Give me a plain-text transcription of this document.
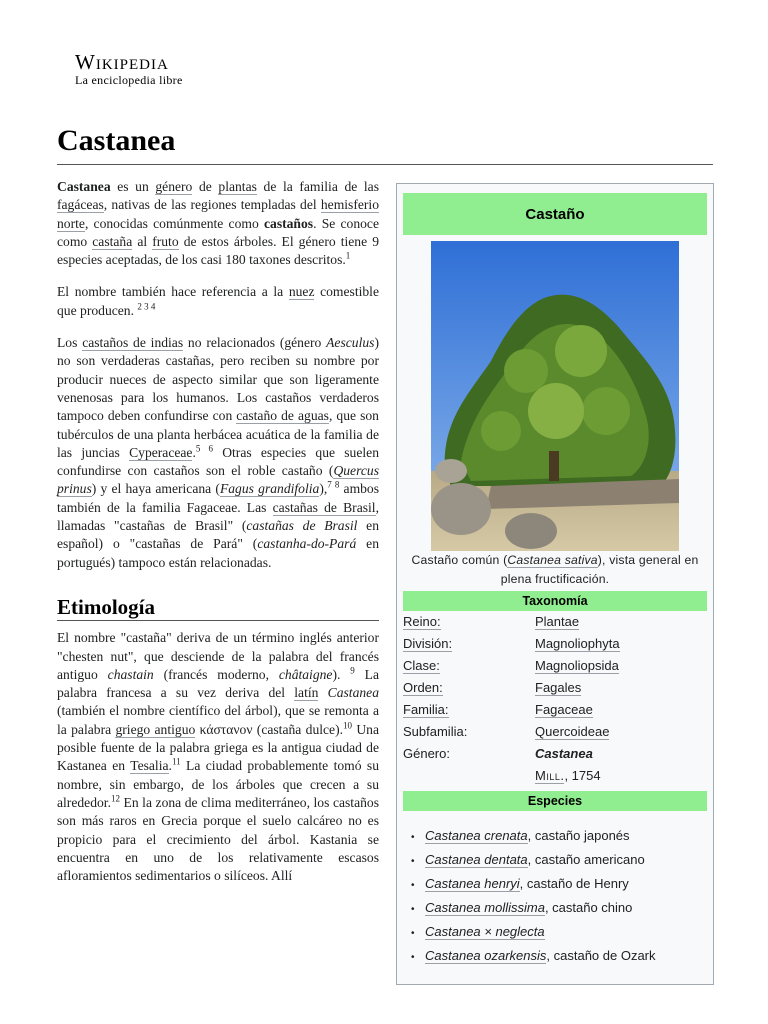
Wikipedia
La enciclopedia libre
Castanea

Castanea es un género de plantas de la familia de las fagáceas, nativas de las regiones templadas del hemisferio norte, conocidas comúnmente como castaños. Se conoce como castaña al fruto de estos árboles. El género tiene 9 especies aceptadas, de los casi 180 taxones descritos.$^1$

El nombre también hace referencia a la nuez comestible que producen. $^{2 3 4}$

Los castaños de indias no relacionados (género Aesculus) no son verdaderas castañas, pero reciben su nombre por producir nueces de aspecto similar que son ligeramente venenosas para los humanos. Los castaños verdaderos tampoco deben confundirse con castaño de aguas, que son tubérculos de una planta herbácea acuática de la familia de las juncias Cyperaceae.$^{5 6}$ Otras especies que suelen confundirse con castaños son el roble castaño (Quercus prinus) y el haya americana (Fagus grandifolia),$^{7 8}$ ambos también de la familia Fagaceae. Las castañas de Brasil, llamadas "castañas de Brasil" (castañas de Brasil en español) o "castañas de Pará" (castanha-do-Pará en portugués) tampoco están relacionadas.

Etimología

El nombre "castaña" deriva de un término inglés anterior "chesten nut", que desciende de la palabra del francés antiguo chastain (francés moderno, châtaigne). $^9$ La palabra francesa a su vez deriva del latín Castanea (también el nombre científico del árbol), que se remonta a la palabra griego antiguo κάστανον (castaña dulce).$^{10}$ Una posible fuente de la palabra griega es la antigua ciudad de Kastanea en Tesalia.$^{11}$ La ciudad probablemente tomó su nombre, sin embargo, de los árboles que crecen a su alrededor.$^{12}$ En la zona de clima mediterráneo, los castaños son más raros en Grecia porque el suelo calcáreo no es propicio para el crecimiento del árbol. Kastania se encuentra en uno de los relativamente escasos afloramientos sedimentarios o silíceos. Allí

Castaño
Castaño común (Castanea sativa), vista general en plena fructificación.
Taxonomía
Reino:	Plantae
División:	Magnoliophyta
Clase:	Magnoliopsida
Orden:	Fagales
Familia:	Fagaceae
Subfamilia:	Quercoideae
Género:	Castanea
Mill., 1754
Especies
• Castanea crenata, castaño japonés
• Castanea dentata, castaño americano
• Castanea henryi, castaño de Henry
• Castanea mollissima, castaño chino
• Castanea × neglecta
• Castanea ozarkensis, castaño de Ozark
